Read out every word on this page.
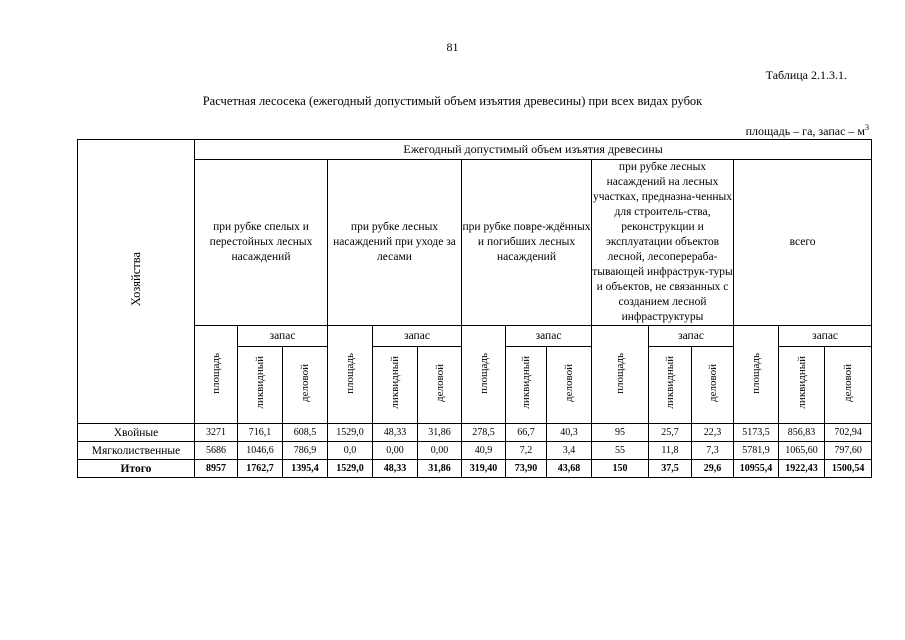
81
Таблица 2.1.3.1.
Расчетная лесосека (ежегодный допустимый объем изъятия древесины) при всех видах рубок
площадь – га, запас – $м^3$
Хозяйства	Ежегодный допустимый объем изъятия древесины														
	при рубке спелых и перестойных лесных насаждений			при рубке лесных насаждений при уходе за лесами			при рубке повре-ждённых и погибших лесных насаждений			при рубке лесных насаждений на лесных участках, предназна-ченных для строитель-ства, реконструкции и эксплуатации объектов лесной, лесоперераба-тывающей инфраструк-туры и объектов, не связанных с созданием лесной инфраструктуры			всего		
	площадь	запас		площадь	запас		площадь	запас		площадь	запас		площадь	запас	
		ликвидный	деловой		ликвидный	деловой		ликвидный	деловой		ликвидный	деловой		ликвидный	деловой
Хвойные	3271	716,1	608,5	1529,0	48,33	31,86	278,5	66,7	40,3	95	25,7	22,3	5173,5	856,83	702,94
Мягколиственные	5686	1046,6	786,9	0,0	0,00	0,00	40,9	7,2	3,4	55	11,8	7,3	5781,9	1065,60	797,60
Итого	8957	1762,7	1395,4	1529,0	48,33	31,86	319,40	73,90	43,68	150	37,5	29,6	10955,4	1922,43	1500,54
